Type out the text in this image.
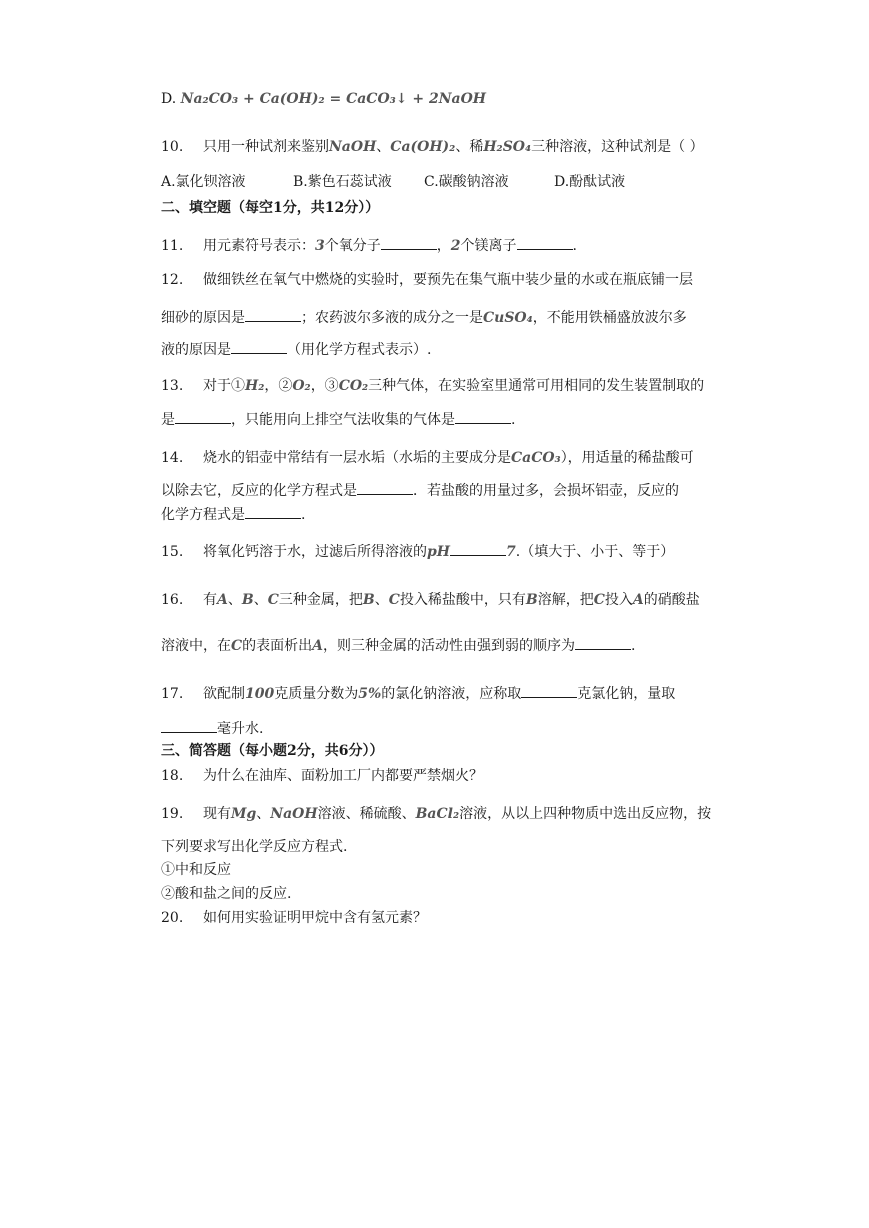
D. Na₂CO₃ + Ca(OH)₂ = CaCO₃↓ + 2NaOH
10. 只用一种试剂来鉴别NaOH、Ca(OH)₂、稀H₂SO₄三种溶液，这种试剂是（ ）
A.氯化钡溶液	B.紫色石蕊试液 C.碳酸钠溶液	D.酚酞试液
二、填空题（每空1分，共12分））
11. 用元素符号表示：3个氧分子	，2个镁离子	.
12. 做细铁丝在氧气中燃烧的实验时，要预先在集气瓶中装少量的水或在瓶底铺一层
细砂的原因是	；农药波尔多液的成分之一是CuSO₄，不能用铁桶盛放波尔多
液的原因是	（用化学方程式表示）.
13. 对于①H₂，②O₂，③CO₂三种气体，在实验室里通常可用相同的发生装置制取的
是	，只能用向上排空气法收集的气体是	.
14. 烧水的铝壶中常结有一层水垢（水垢的主要成分是CaCO₃），用适量的稀盐酸可
以除去它，反应的化学方程式是	．若盐酸的用量过多，会损坏铝壶，反应的
化学方程式是	.
15. 将氧化钙溶于水，过滤后所得溶液的pH	7.（填大于、小于、等于）
16. 有A、B、C三种金属，把B、C投入稀盐酸中，只有B溶解，把C投入A的硝酸盐
溶液中，在C的表面析出A，则三种金属的活动性由强到弱的顺序为	.
17. 欲配制100克质量分数为5%的氯化钠溶液，应称取	克氯化钠，量取
毫升水.
三、简答题（每小题2分，共6分））
18. 为什么在油库、面粉加工厂内都要严禁烟火？
19. 现有Mg、NaOH溶液、稀硫酸、BaCl₂溶液，从以上四种物质中选出反应物，按
下列要求写出化学反应方程式.
①中和反应
②酸和盐之间的反应.
20. 如何用实验证明甲烷中含有氢元素？
